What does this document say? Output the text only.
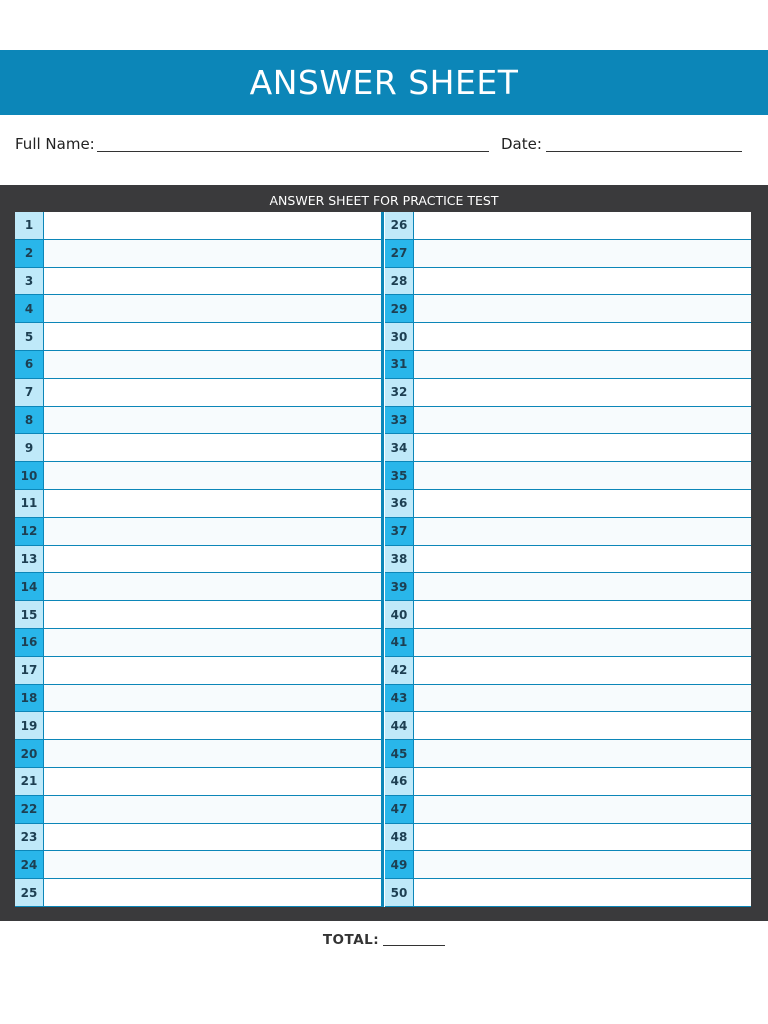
ANSWER SHEET
Full Name:	Date:
ANSWER SHEET FOR PRACTICE TEST
1
2
3
4
5
6
7
8
9
10
11
12
13
14
15
16
17
18
19
20
21
22
23
24
25
26
27
28
29
30
31
32
33
34
35
36
37
38
39
40
41
42
43
44
45
46
47
48
49
50
TOTAL:
